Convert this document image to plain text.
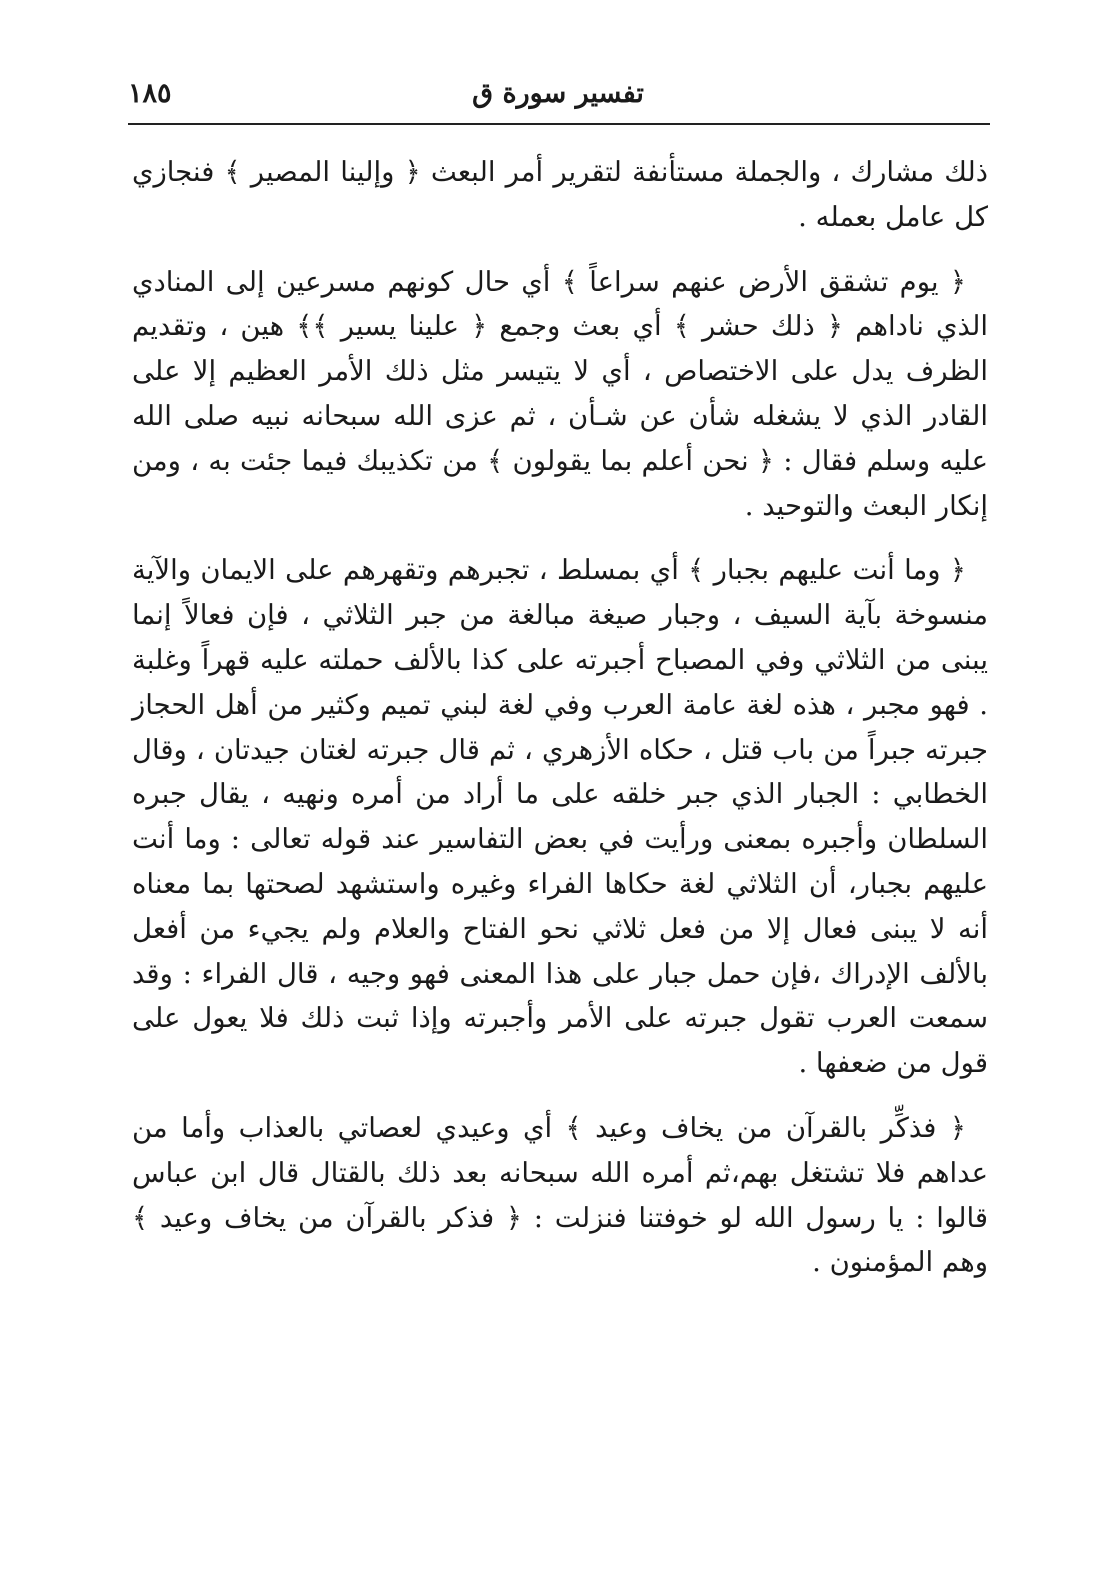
تفسير سورة ق
١٨٥

ذلك مشارك ، والجملة مستأنفة لتقرير أمر البعث ﴿ وإلينا المصير ﴾ فنجازي كل عامل بعمله .

﴿ يوم تشقق الأرض عنهم سراعاً ﴾ أي حال كونهم مسرعين إلى المنادي الذي ناداهم ﴿ ذلك حشر ﴾ أي بعث وجمع ﴿ علينا يسير ﴾﴾ هين ، وتقديم الظرف يدل على الاختصاص ، أي لا يتيسر مثل ذلك الأمر العظيم إلا على القادر الذي لا يشغله شأن عن شـأن ، ثم عزى الله سبحانه نبيه صلى الله عليه وسلم فقال : ﴿ نحن أعلم بما يقولون ﴾ من تكذيبك فيما جئت به ، ومن إنكار البعث والتوحيد .

﴿ وما أنت عليهم بجبار ﴾ أي بمسلط ، تجبرهم وتقهرهم على الايمان والآية منسوخة بآية السيف ، وجبار صيغة مبالغة من جبر الثلاثي ، فإن فعالاً إنما يبنى من الثلاثي وفي المصباح أجبرته على كذا بالألف حملته عليه قهراً وغلبة . فهو مجبر ، هذه لغة عامة العرب وفي لغة لبني تميم وكثير من أهل الحجاز جبرته جبراً من باب قتل ، حكاه الأزهري ، ثم قال جبرته لغتان جيدتان ، وقال الخطابي : الجبار الذي جبر خلقه على ما أراد من أمره ونهيه ، يقال جبره السلطان وأجبره بمعنى ورأيت في بعض التفاسير عند قوله تعالى : وما أنت عليهم بجبار، أن الثلاثي لغة حكاها الفراء وغيره واستشهد لصحتها بما معناه أنه لا يبنى فعال إلا من فعل ثلاثي نحو الفتاح والعلام ولم يجيء من أفعل بالألف الإدراك ،فإن حمل جبار على هذا المعنى فهو وجيه ، قال الفراء : وقد سمعت العرب تقول جبرته على الأمر وأجبرته وإذا ثبت ذلك فلا يعول على قول من ضعفها .

﴿ فذكِّر بالقرآن من يخاف وعيد ﴾ أي وعيدي لعصاتي بالعذاب وأما من عداهم فلا تشتغل بهم،ثم أمره الله سبحانه بعد ذلك بالقتال قال ابن عباس قالوا : يا رسول الله لو خوفتنا فنزلت : ﴿ فذكر بالقرآن من يخاف وعيد ﴾ وهم المؤمنون .
